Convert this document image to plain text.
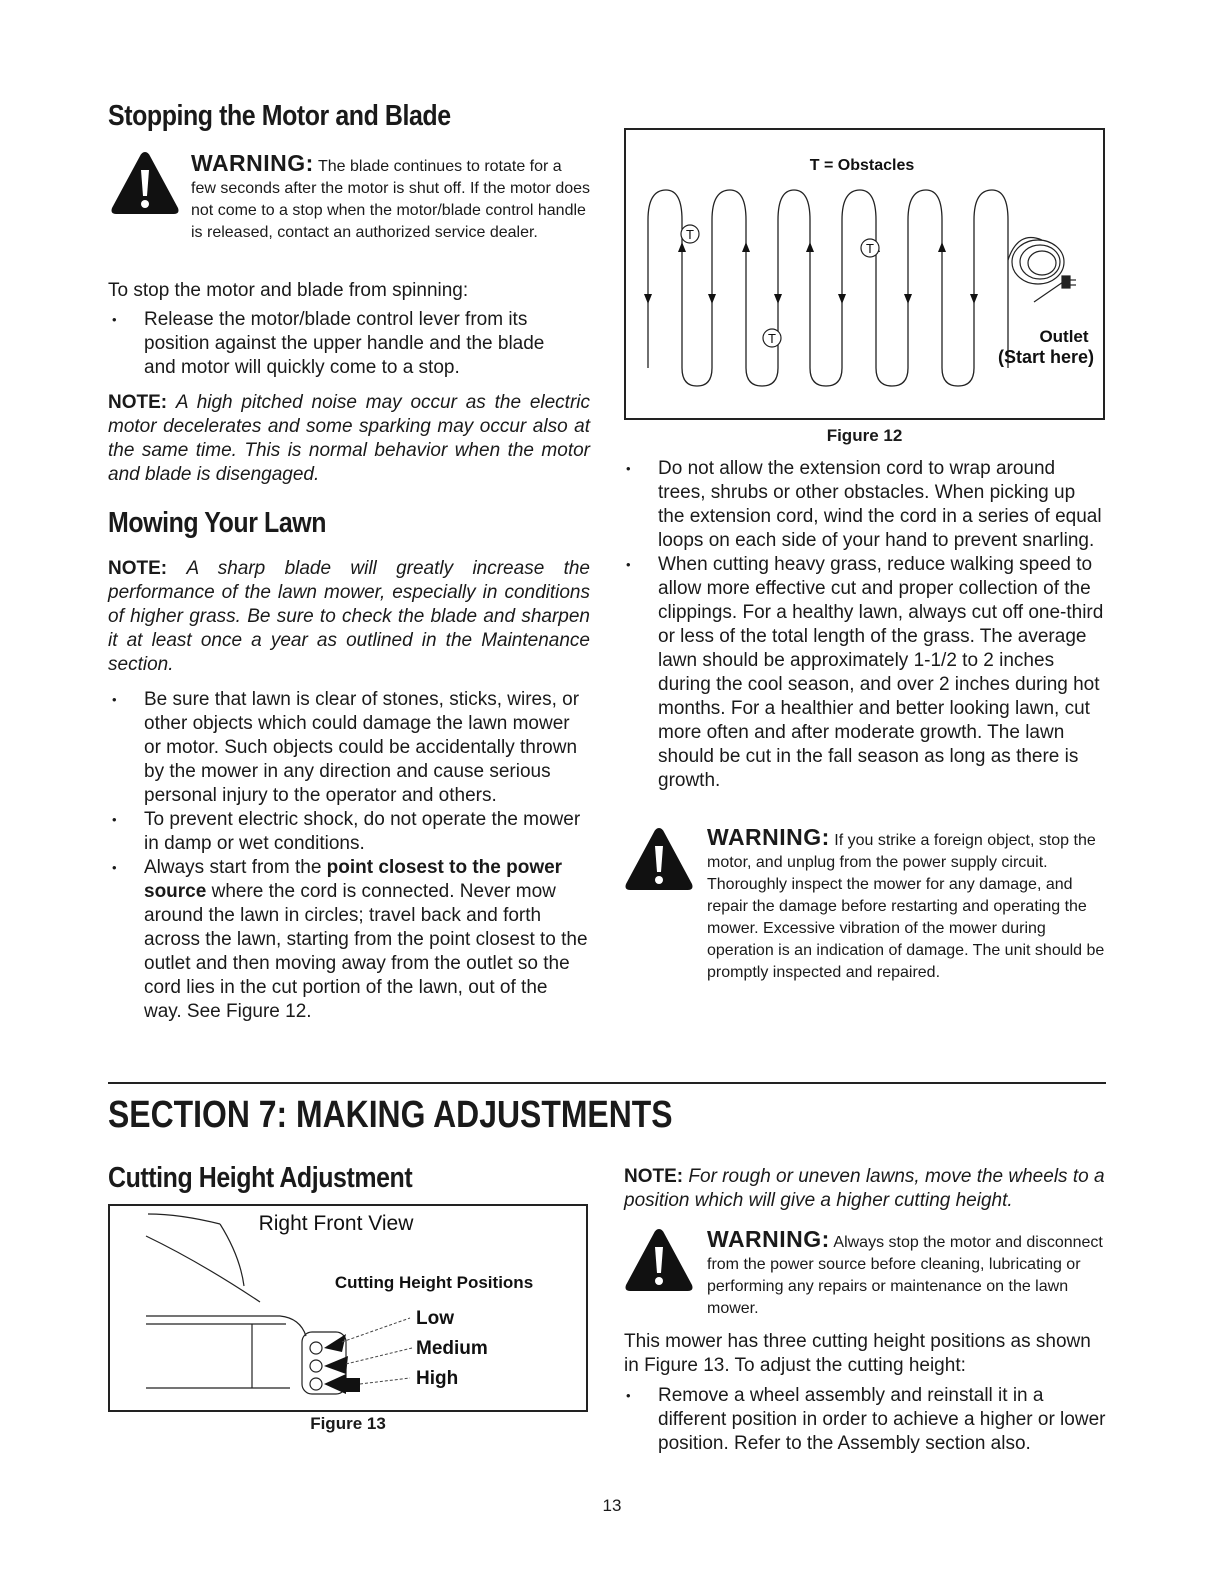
Stopping the Motor and Blade
WARNING: The blade continues to rotate for a few seconds after the motor is shut off. If the motor does not come to a stop when the motor/blade control handle is released, contact an authorized service dealer.
To stop the motor and blade from spinning:
• Release the motor/blade control lever from its position against the upper handle and the blade and motor will quickly come to a stop.
NOTE: A high pitched noise may occur as the electric motor decelerates and some sparking may occur also at the same time. This is normal behavior when the motor and blade is disengaged.
Mowing Your Lawn
NOTE: A sharp blade will greatly increase the performance of the lawn mower, especially in conditions of higher grass. Be sure to check the blade and sharpen it at least once a year as outlined in the Maintenance section.
• Be sure that lawn is clear of stones, sticks, wires, or other objects which could damage the lawn mower or motor. Such objects could be accidentally thrown by the mower in any direction and cause serious personal injury to the operator and others.
• To prevent electric shock, do not operate the mower in damp or wet conditions.
• Always start from the point closest to the power source where the cord is connected. Never mow around the lawn in circles; travel back and forth across the lawn, starting from the point closest to the outlet and then moving away from the outlet so the cord lies in the cut portion of the lawn, out of the way. See Figure 12.
T = Obstacles
T
T
T	Outlet
(Start here)
Figure 12
• Do not allow the extension cord to wrap around trees, shrubs or other obstacles. When picking up the extension cord, wind the cord in a series of equal loops on each side of your hand to prevent snarling.
• When cutting heavy grass, reduce walking speed to allow more effective cut and proper collection of the clippings. For a healthy lawn, always cut off one-third or less of the total length of the grass. The average lawn should be approximately 1-1/2 to 2 inches during the cool season, and over 2 inches during hot months. For a healthier and better looking lawn, cut more often and after moderate growth. The lawn should be cut in the fall season as long as there is growth.
WARNING: If you strike a foreign object, stop the motor, and unplug from the power supply circuit. Thoroughly inspect the mower for any damage, and repair the damage before restarting and operating the mower. Excessive vibration of the mower during operation is an indication of damage. The unit should be promptly inspected and repaired.
SECTION 7: MAKING ADJUSTMENTS
Cutting Height Adjustment
Right Front View
Cutting Height Positions
Low
Medium
High
Figure 13
NOTE: For rough or uneven lawns, move the wheels to a position which will give a higher cutting height.
WARNING: Always stop the motor and disconnect from the power source before cleaning, lubricating or performing any repairs or maintenance on the lawn mower.
This mower has three cutting height positions as shown in Figure 13. To adjust the cutting height:
• Remove a wheel assembly and reinstall it in a different position in order to achieve a higher or lower position. Refer to the Assembly section also.
13
